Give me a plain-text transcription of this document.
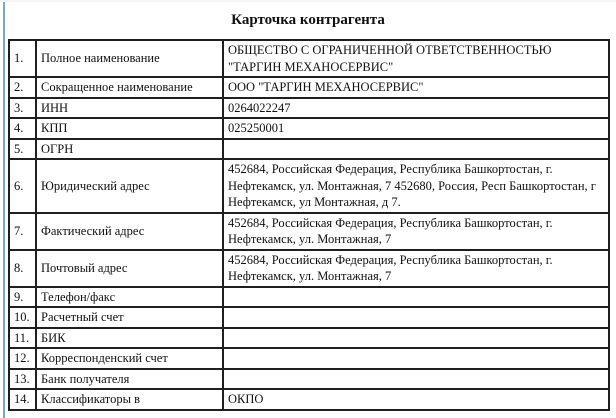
Карточка контрагента
1.	Полное наименование	ОБЩЕСТВО С ОГРАНИЧЕННОЙ ОТВЕТСТВЕННОСТЬЮ "ТАРГИН МЕХАНОСЕРВИС"
2.	Сокращенное наименование	ООО "ТАРГИН МЕХАНОСЕРВИС"
3.	ИНН	0264022247
4.	КПП	025250001
5.	ОГРН	
6.	Юридический адрес	452684, Российская Федерация, Республика Башкортостан, г. Нефтекамск, ул. Монтажная, 7 452680, Россия, Респ Башкортостан, г Нефтекамск, ул Монтажная, д 7.
7.	Фактический адрес	452684, Российская Федерация, Республика Башкортостан, г. Нефтекамск, ул. Монтажная, 7
8.	Почтовый адрес	452684, Российская Федерация, Республика Башкортостан, г. Нефтекамск, ул. Монтажная, 7
9.	Телефон/факс	
10.	Расчетный счет	
11.	БИК	
12.	Корреспонденский счет	
13.	Банк получателя	
14.	Классификаторы в	ОКПО
